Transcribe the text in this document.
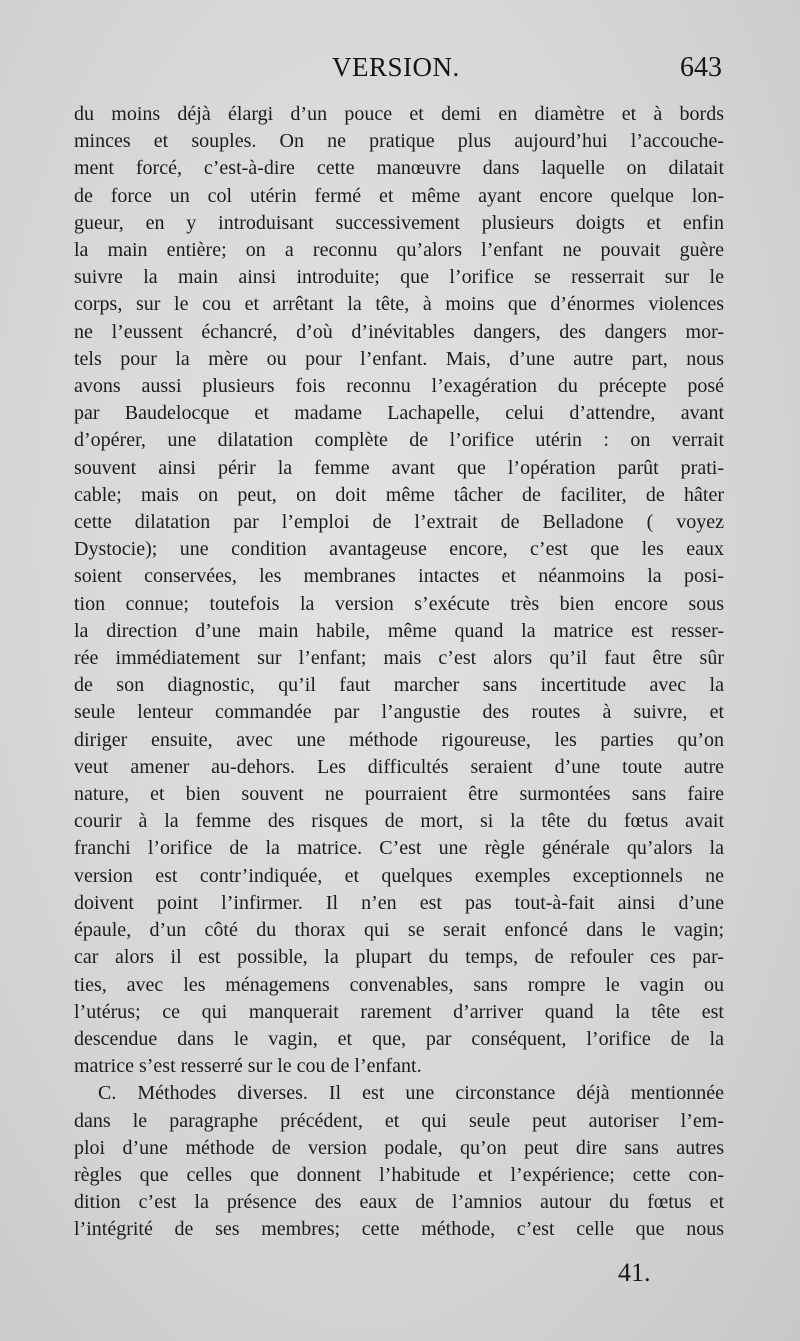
VERSION.	643
du moins déjà élargi d’un pouce et demi en diamètre et à bords
minces et souples. On ne pratique plus aujourd’hui l’accouche-
ment forcé, c’est-à-dire cette manœuvre dans laquelle on dilatait
de force un col utérin fermé et même ayant encore quelque lon-
gueur, en y introduisant successivement plusieurs doigts et enfin
la main entière; on a reconnu qu’alors l’enfant ne pouvait guère
suivre la main ainsi introduite; que l’orifice se resserrait sur le
corps, sur le cou et arrêtant la tête, à moins que d’énormes violences
ne l’eussent échancré, d’où d’inévitables dangers, des dangers mor-
tels pour la mère ou pour l’enfant. Mais, d’une autre part, nous
avons aussi plusieurs fois reconnu l’exagération du précepte posé
par Baudelocque et madame Lachapelle, celui d’attendre, avant
d’opérer, une dilatation complète de l’orifice utérin : on verrait
souvent ainsi périr la femme avant que l’opération parût prati-
cable; mais on peut, on doit même tâcher de faciliter, de hâter
cette dilatation par l’emploi de l’extrait de Belladone ( voyez
Dystocie); une condition avantageuse encore, c’est que les eaux
soient conservées, les membranes intactes et néanmoins la posi-
tion connue; toutefois la version s’exécute très bien encore sous
la direction d’une main habile, même quand la matrice est resser-
rée immédiatement sur l’enfant; mais c’est alors qu’il faut être sûr
de son diagnostic, qu’il faut marcher sans incertitude avec la
seule lenteur commandée par l’angustie des routes à suivre, et
diriger ensuite, avec une méthode rigoureuse, les parties qu’on
veut amener au-dehors. Les difficultés seraient d’une toute autre
nature, et bien souvent ne pourraient être surmontées sans faire
courir à la femme des risques de mort, si la tête du fœtus avait
franchi l’orifice de la matrice. C’est une règle générale qu’alors la
version est contr’indiquée, et quelques exemples exceptionnels ne
doivent point l’infirmer. Il n’en est pas tout-à-fait ainsi d’une
épaule, d’un côté du thorax qui se serait enfoncé dans le vagin;
car alors il est possible, la plupart du temps, de refouler ces par-
ties, avec les ménagemens convenables, sans rompre le vagin ou
l’utérus; ce qui manquerait rarement d’arriver quand la tête est
descendue dans le vagin, et que, par conséquent, l’orifice de la
matrice s’est resserré sur le cou de l’enfant.
C. Méthodes diverses. Il est une circonstance déjà mentionnée
dans le paragraphe précédent, et qui seule peut autoriser l’em-
ploi d’une méthode de version podale, qu’on peut dire sans autres
règles que celles que donnent l’habitude et l’expérience; cette con-
dition c’est la présence des eaux de l’amnios autour du fœtus et
l’intégrité de ses membres; cette méthode, c’est celle que nous
41.
